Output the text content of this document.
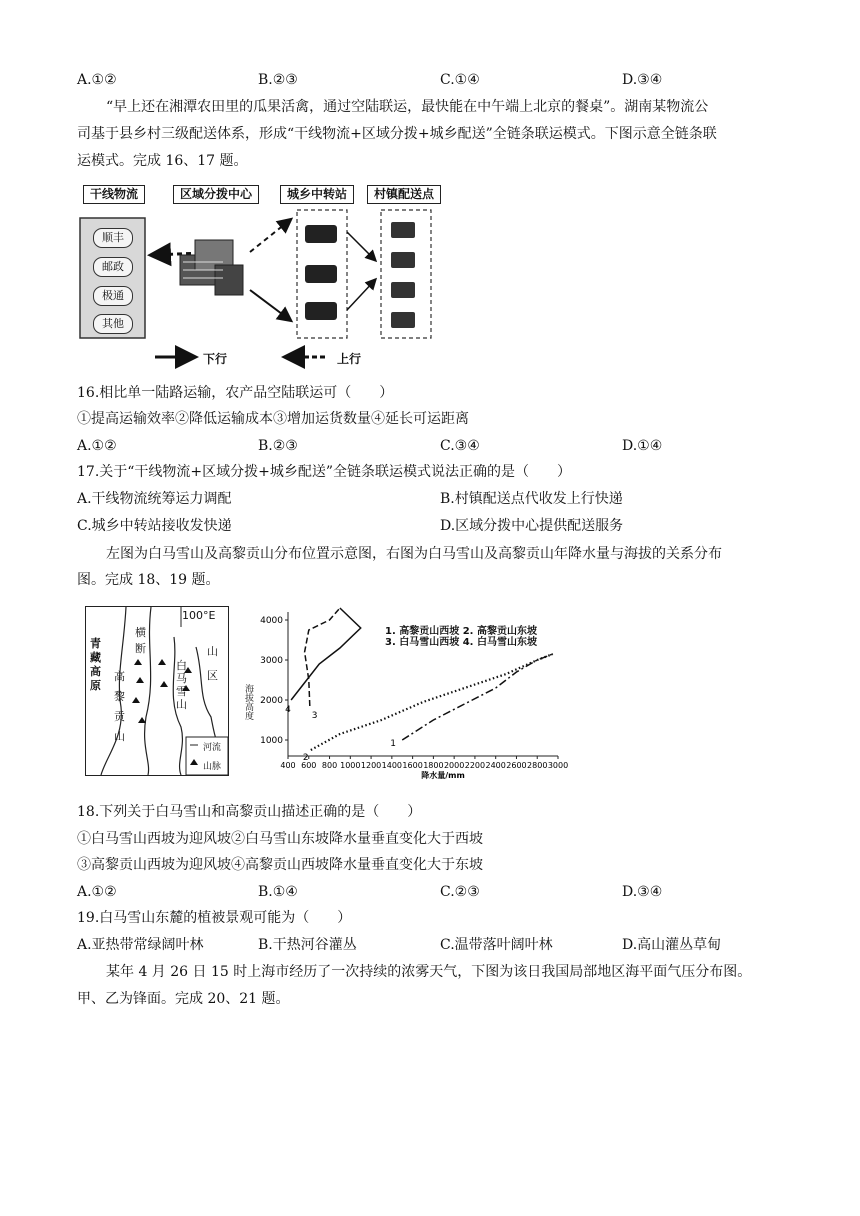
A.①②	B.②③	C.①④	D.③④
“早上还在湘潭农田里的瓜果活禽，通过空陆联运，最快能在中午端上北京的餐桌”。湖南某物流公
司基于县乡村三级配送体系，形成“干线物流+区域分拨+城乡配送”全链条联运模式。下图示意全链条联
运模式。完成 16、17 题。
干线物流	区域分拨中心	城乡中转站	村镇配送点
顺丰
邮政
极通
其他
下行	上行
16.相比单一陆路运输，农产品空陆联运可（　　）
①提高运输效率②降低运输成本③增加运货数量④延长可运距离
A.①②	B.②③	C.③④	D.①④
17.关于“干线物流+区域分拨+城乡配送”全链条联运模式说法正确的是（　　）
A.干线物流统筹运力调配	B.村镇配送点代收发上行快递
C.城乡中转站接收发快递	D.区域分拨中心提供配送服务
左图为白马雪山及高黎贡山分布位置示意图，右图为白马雪山及高黎贡山年降水量与海拔的关系分布
图。完成 18、19 题。
100°E
青
藏
高
原
山
区
横
断
高
黎
贡
山
白
马
雪
山
河流
山脉	400 600 800 1000 1200 1400 1600 1800 2000 2200 2400 2600 2800 3000
1000
2000
3000
4000
降水量/mm
1
2
3
4
1. 高黎贡山西坡 2. 高黎贡山东坡
3. 白马雪山西坡 4. 白马雪山东坡
海拔高度
18.下列关于白马雪山和高黎贡山描述正确的是（　　）
①白马雪山西坡为迎风坡②白马雪山东坡降水量垂直变化大于西坡
③高黎贡山西坡为迎风坡④高黎贡山西坡降水量垂直变化大于东坡
A.①②	B.①④	C.②③	D.③④
19.白马雪山东麓的植被景观可能为（　　）
A.亚热带常绿阔叶林	B.干热河谷灌丛	C.温带落叶阔叶林	D.高山灌丛草甸
某年 4 月 26 日 15 时上海市经历了一次持续的浓雾天气，下图为该日我国局部地区海平面气压分布图。
甲、乙为锋面。完成 20、21 题。
